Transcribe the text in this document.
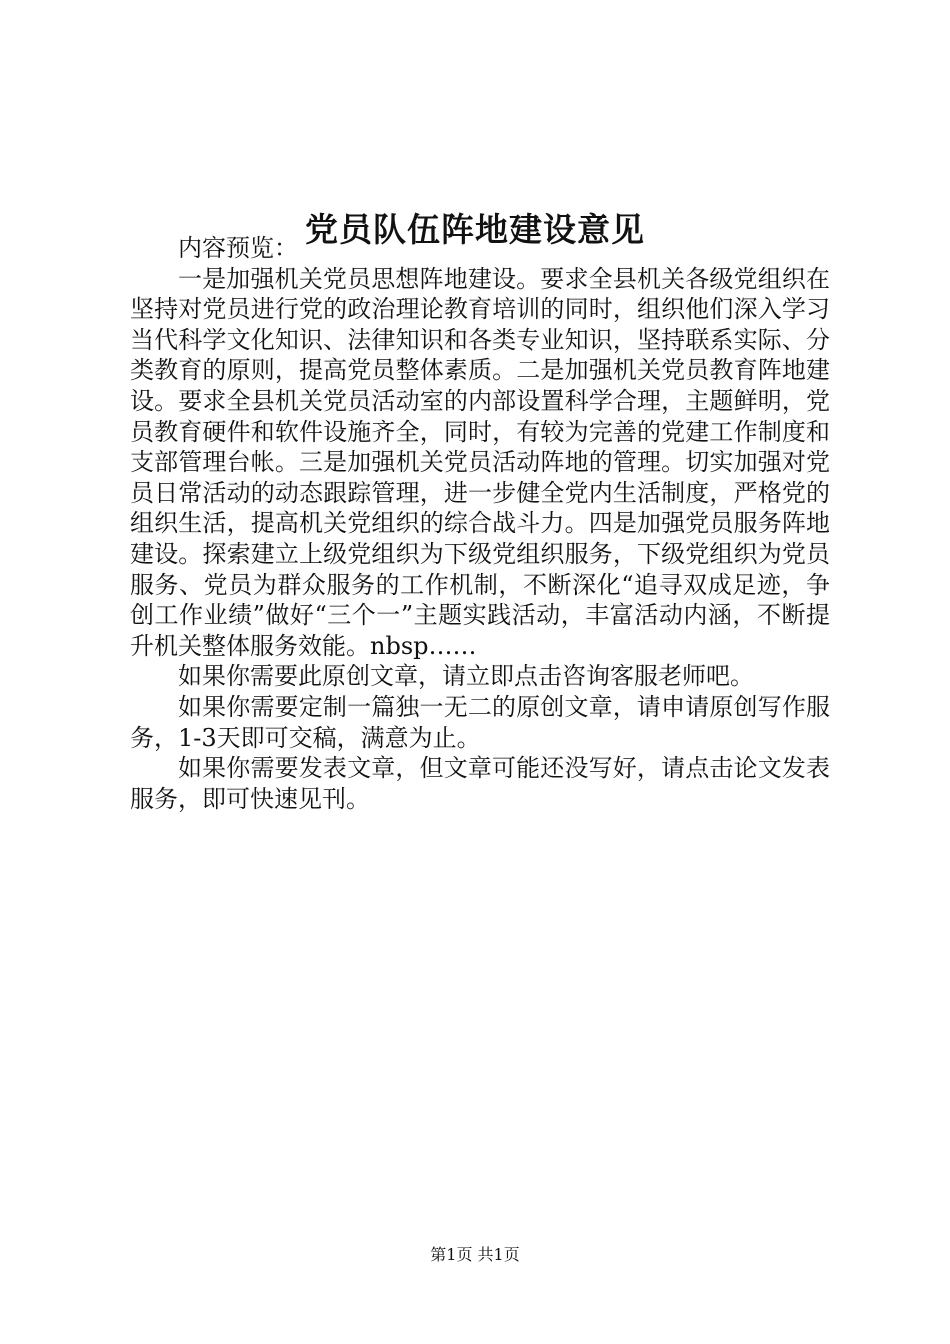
党员队伍阵地建设意见

内容预览：

一是加强机关党员思想阵地建设。要求全县机关各级党组织在坚持对党员进行党的政治理论教育培训的同时，组织他们深入学习当代科学文化知识、法律知识和各类专业知识，坚持联系实际、分类教育的原则，提高党员整体素质。二是加强机关党员教育阵地建设。要求全县机关党员活动室的内部设置科学合理，主题鲜明，党员教育硬件和软件设施齐全，同时，有较为完善的党建工作制度和支部管理台帐。三是加强机关党员活动阵地的管理。切实加强对党员日常活动的动态跟踪管理，进一步健全党内生活制度，严格党的组织生活，提高机关党组织的综合战斗力。四是加强党员服务阵地建设。探索建立上级党组织为下级党组织服务，下级党组织为党员服务、党员为群众服务的工作机制，不断深化“追寻双成足迹，争创工作业绩”做好“三个一”主题实践活动，丰富活动内涵，不断提升机关整体服务效能。nbsp……

如果你需要此原创文章，请立即点击咨询客服老师吧。

如果你需要定制一篇独一无二的原创文章，请申请原创写作服务，1-3天即可交稿，满意为止。

如果你需要发表文章，但文章可能还没写好，请点击论文发表服务，即可快速见刊。

第1页 共1页
